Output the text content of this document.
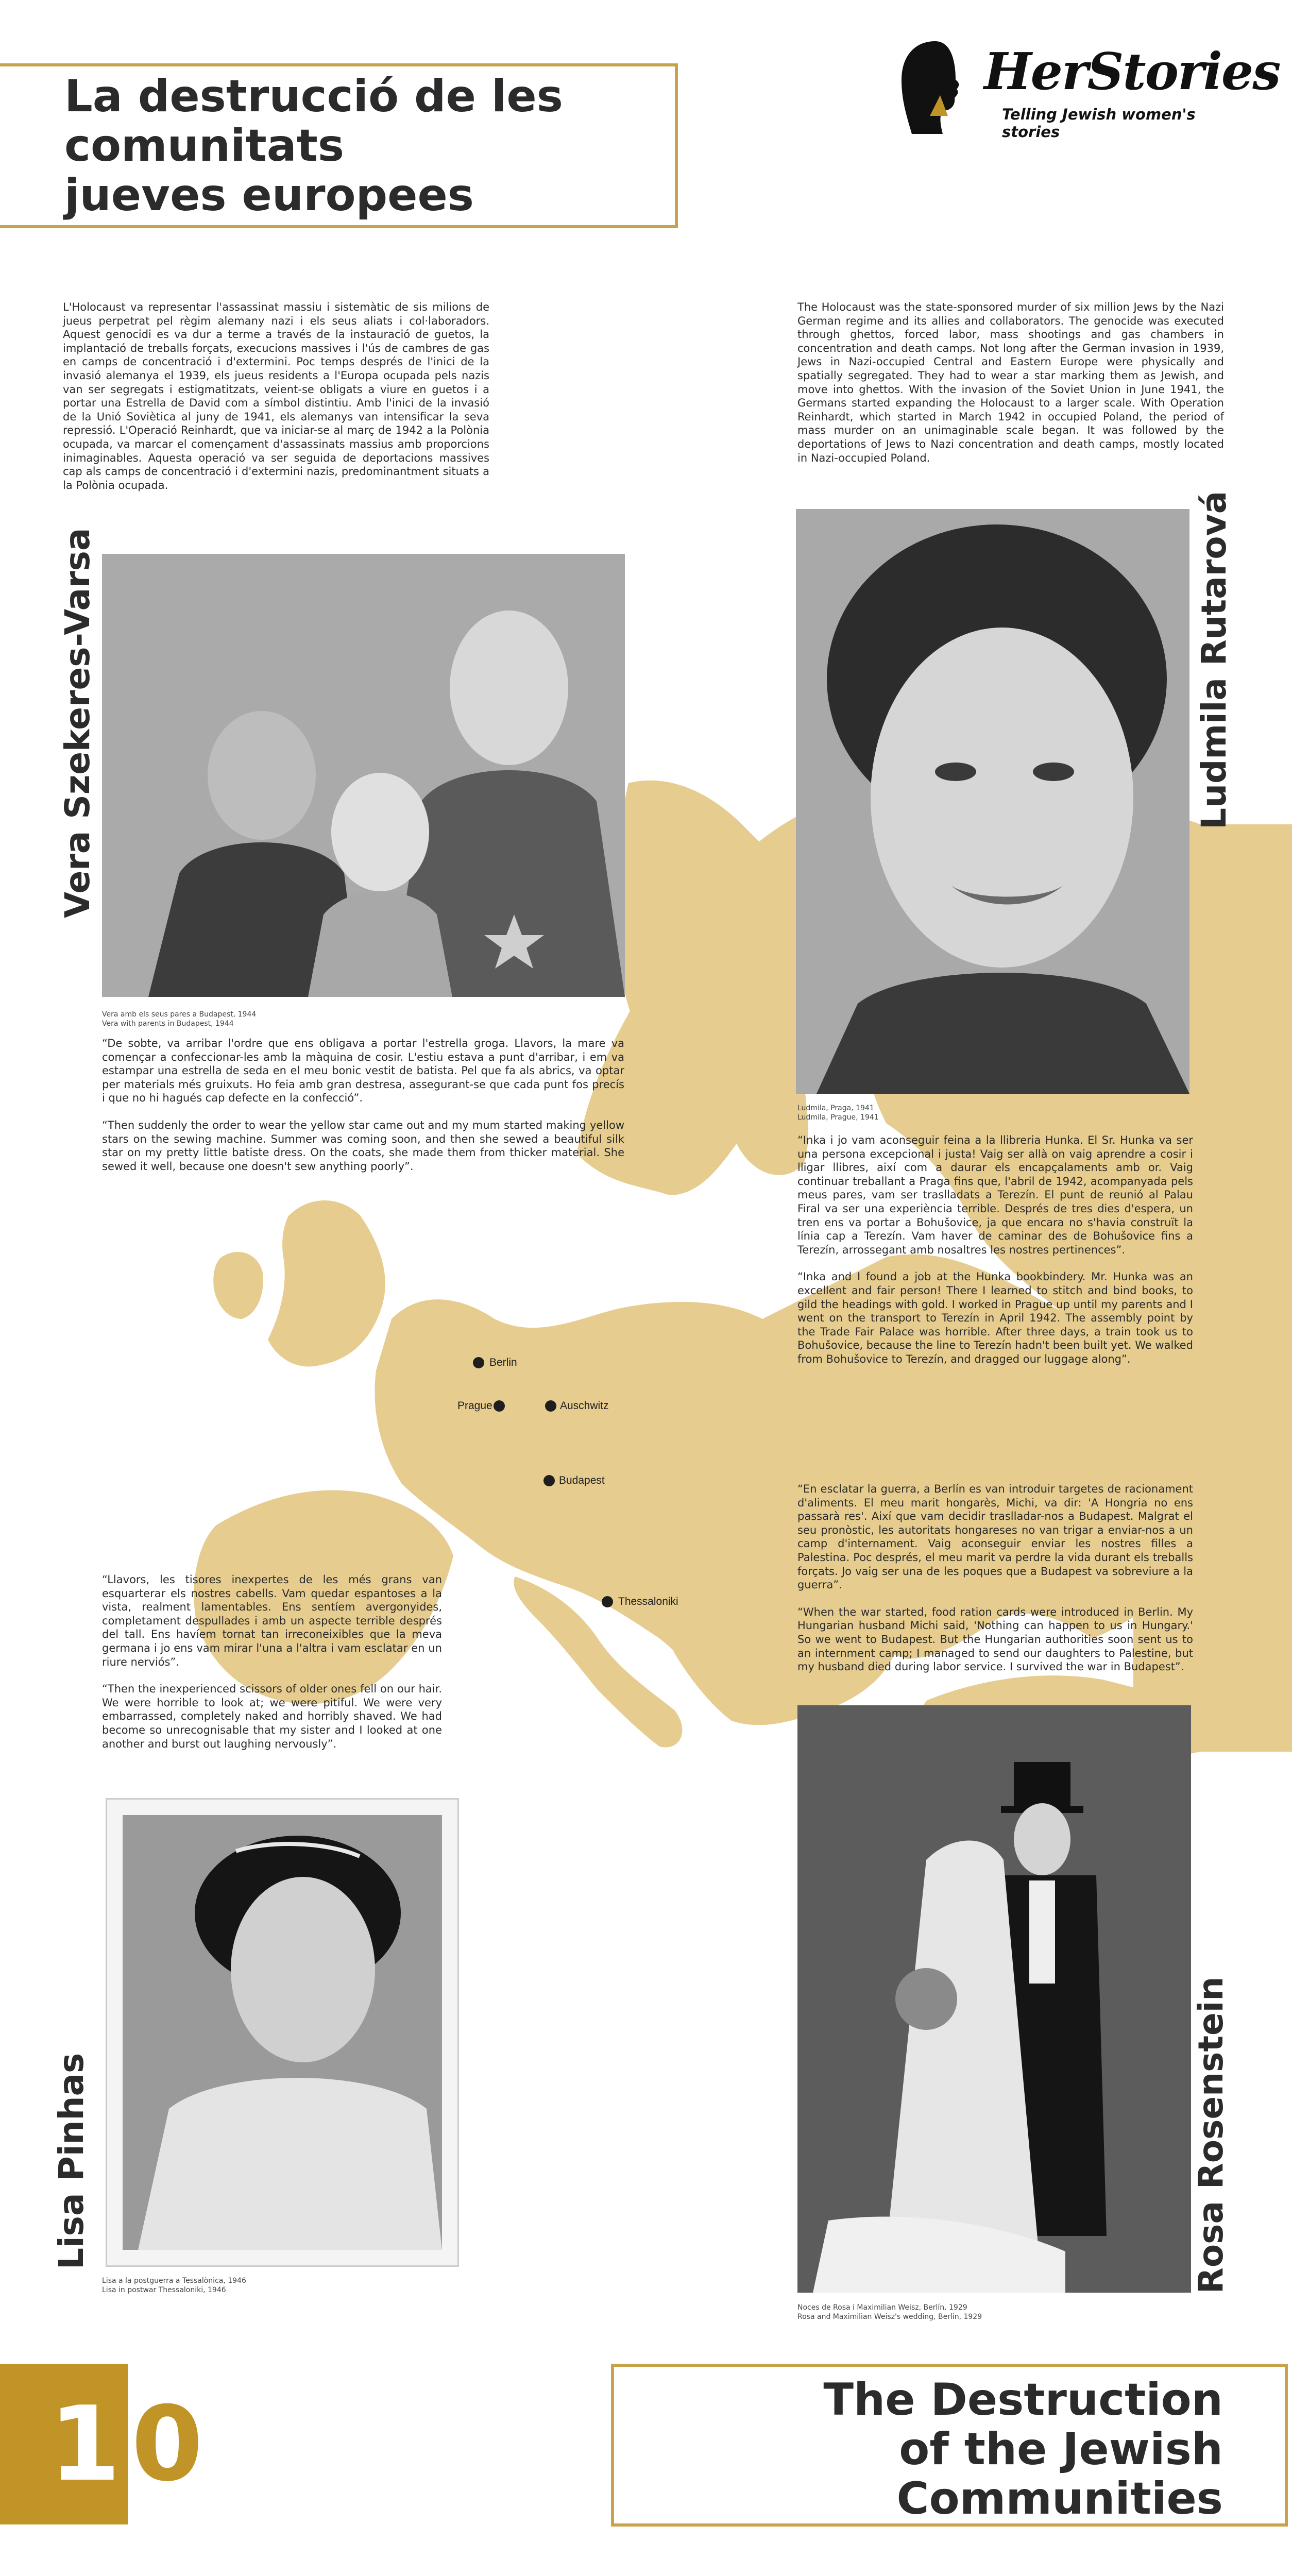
La destrucció de les
comunitats
jueves europees
HerStories
Telling Jewish women's stories
L'Holocaust va representar l'assassinat massiu i sistemàtic de sis milions de jueus perpetrat pel règim alemany nazi i els seus aliats i col·laboradors. Aquest genocidi es va dur a terme a través de la instauració de guetos, la implantació de treballs forçats, execucions massives i l'ús de cambres de gas en camps de concentració i d'extermini. Poc temps després de l'inici de la invasió alemanya el 1939, els jueus residents a l'Europa ocupada pels nazis van ser segregats i estigmatitzats, veient-se obligats a viure en guetos i a portar una Estrella de David com a símbol distintiu. Amb l'inici de la invasió de la Unió Soviètica al juny de 1941, els alemanys van intensificar la seva repressió. L'Operació Reinhardt, que va iniciar-se al març de 1942 a la Polònia ocupada, va marcar el començament d'assassinats massius amb proporcions inimaginables. Aquesta operació va ser seguida de deportacions massives cap als camps de concentració i d'extermini nazis, predominantment situats a la Polònia ocupada.
The Holocaust was the state-sponsored murder of six million Jews by the Nazi German regime and its allies and collaborators. The genocide was executed through ghettos, forced labor, mass shootings and gas chambers in concentration and death camps. Not long after the German invasion in 1939, Jews in Nazi-occupied Central and Eastern Europe were physically and spatially segregated. They had to wear a star marking them as Jewish, and move into ghettos. With the invasion of the Soviet Union in June 1941, the Germans started expanding the Holocaust to a larger scale. With Operation Reinhardt, which started in March 1942 in occupied Poland, the period of mass murder on an unimaginable scale began. It was followed by the deportations of Jews to Nazi concentration and death camps, mostly located in Nazi-occupied Poland.
Vera Szekeres-Varsa
Vera amb els seus pares a Budapest, 1944
Vera with parents in Budapest, 1944

“De sobte, va arribar l'ordre que ens obligava a portar l'estrella groga. Llavors, la mare va començar a confeccionar-les amb la màquina de cosir. L'estiu estava a punt d'arribar, i em va estampar una estrella de seda en el meu bonic vestit de batista. Pel que fa als abrics, va optar per materials més gruixuts. Ho feia amb gran destresa, assegurant-se que cada punt fos precís i que no hi hagués cap defecte en la confecció”.

“Then suddenly the order to wear the yellow star came out and my mum started making yellow stars on the sewing machine. Summer was coming soon, and then she sewed a beautiful silk star on my pretty little batiste dress. On the coats, she made them from thicker material. She sewed it well, because one doesn't sew anything poorly”.

Ludmila Rutarová
Ludmila, Praga, 1941
Ludmila, Prague, 1941

“Inka i jo vam aconseguir feina a la llibreria Hunka. El Sr. Hunka va ser una persona excepcional i justa! Vaig ser allà on vaig aprendre a cosir i lligar llibres, així com a daurar els encapçalaments amb or. Vaig continuar treballant a Praga fins que, l'abril de 1942, acompanyada pels meus pares, vam ser traslladats a Terezín. El punt de reunió al Palau Firal va ser una experiència terrible. Després de tres dies d'espera, un tren ens va portar a Bohušovice, ja que encara no s'havia construït la línia cap a Terezín. Vam haver de caminar des de Bohušovice fins a Terezín, arrossegant amb nosaltres les nostres pertinences”.

“Inka and I found a job at the Hunka bookbindery. Mr. Hunka was an excellent and fair person! There I learned to stitch and bind books, to gild the headings with gold. I worked in Prague up until my parents and I went on the transport to Terezín in April 1942. The assembly point by the Trade Fair Palace was horrible. After three days, a train took us to Bohušovice, because the line to Terezín hadn't been built yet. We walked from Bohušovice to Terezín, and dragged our luggage along”.

“En esclatar la guerra, a Berlín es van introduir targetes de racionament d'aliments. El meu marit hongarès, Michi, va dir: 'A Hongria no ens passarà res'. Així que vam decidir traslladar-nos a Budapest. Malgrat el seu pronòstic, les autoritats hongareses no van trigar a enviar-nos a un camp d'internament. Vaig aconseguir enviar les nostres filles a Palestina. Poc després, el meu marit va perdre la vida durant els treballs forçats. Jo vaig ser una de les poques que a Budapest va sobreviure a la guerra”.

“When the war started, food ration cards were introduced in Berlin. My Hungarian husband Michi said, 'Nothing can happen to us in Hungary.' So we went to Budapest. But the Hungarian authorities soon sent us to an internment camp; I managed to send our daughters to Palestine, but my husband died during labor service. I survived the war in Budapest”.

Rosa Rosenstein
Noces de Rosa i Maximilian Weisz, Berlín, 1929
Rosa and Maximilian Weisz's wedding, Berlin, 1929

“Llavors, les tisores inexpertes de les més grans van esquarterar els nostres cabells. Vam quedar espantoses a la vista, realment lamentables. Ens sentíem avergonyides, completament despullades i amb un aspecte terrible després del tall. Ens havíem tornat tan irreconeixibles que la meva germana i jo ens vam mirar l'una a l'altra i vam esclatar en un riure nerviós”.

“Then the inexperienced scissors of older ones fell on our hair. We were horrible to look at; we were pitiful. We were very embarrassed, completely naked and horribly shaved. We had become so unrecognisable that my sister and I looked at one another and burst out laughing nervously”.

Lisa Pinhas
Lisa a la postguerra a Tessalònica, 1946
Lisa in postwar Thessaloniki, 1946
Berlin
Prague	Auschwitz
Budapest
Thessaloniki
The Destruction
of the Jewish
Communities
1 0
